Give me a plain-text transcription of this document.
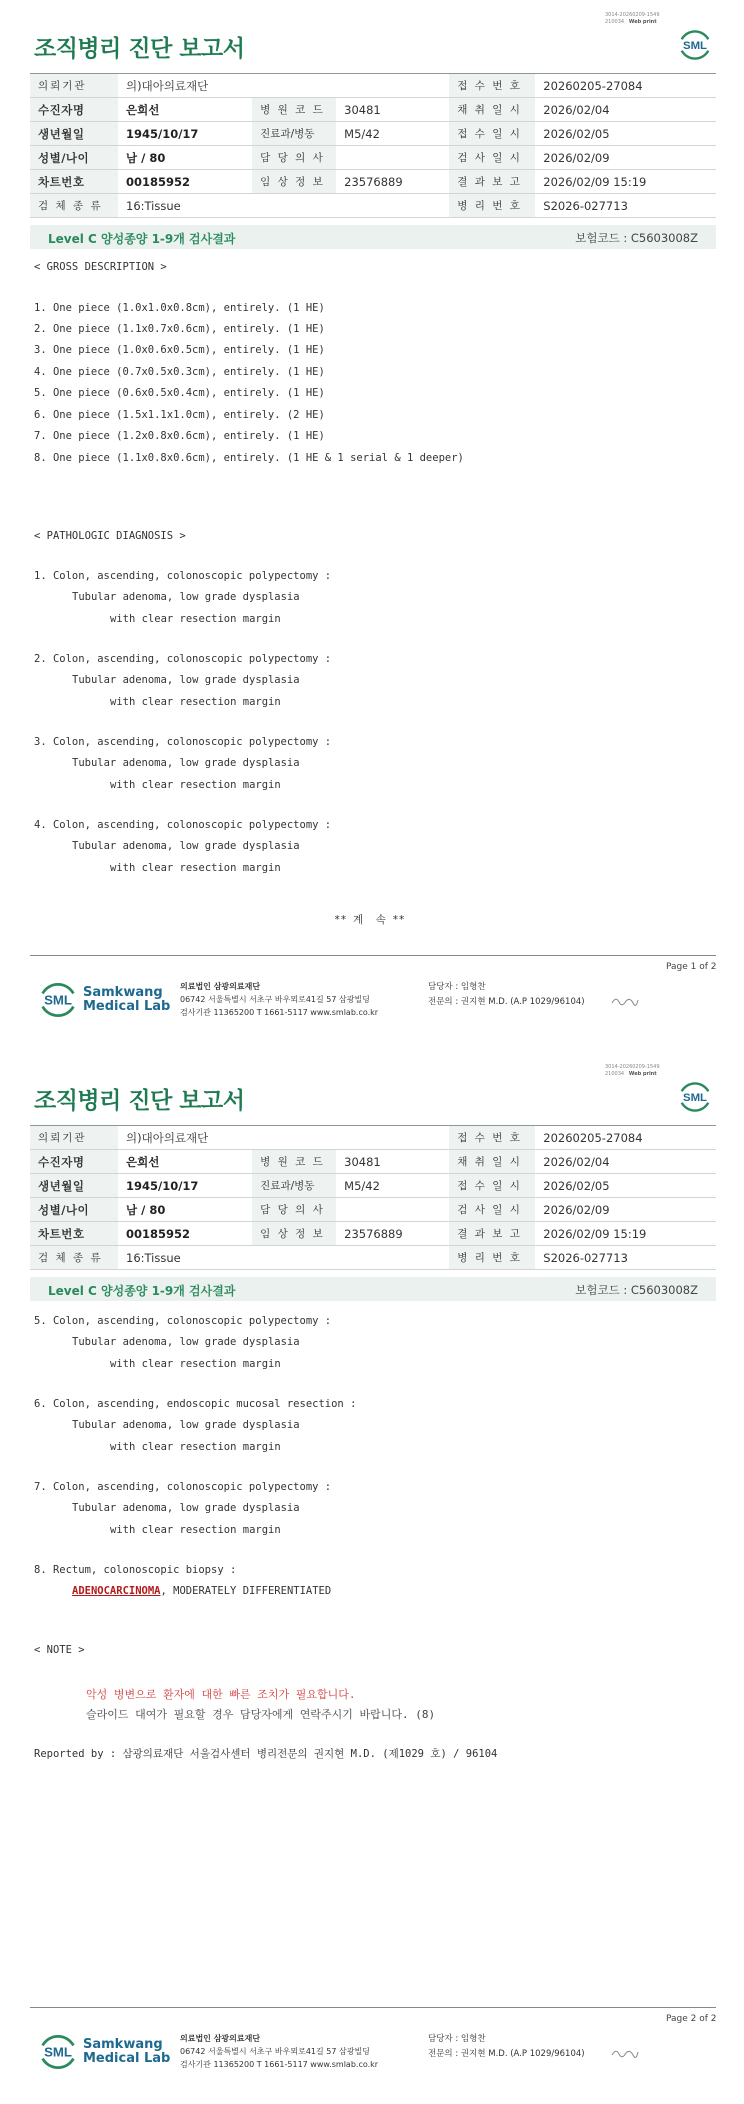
3014-20260209-1549
210034 Web print
조직병리 진단 보고서	SML
의뢰기관	의)대아의료재단			접 수 번 호	20260205-27084
수진자명	은희선	병 원 코 드	30481	채 취 일 시	2026/02/04
생년월일	1945/10/17	진료과/병동	M5/42	접 수 일 시	2026/02/05
성별/나이	남 / 80	담 당 의 사		검 사 일 시	2026/02/09
차트번호	00185952	임 상 정 보	23576889	결 과 보 고	2026/02/09 15:19
검 체 종 류	16:Tissue			병 리 번 호	S2026-027713
Level C 양성종양 1-9개 검사결과	보험코드 : C5603008Z
< GROSS DESCRIPTION >
1. One piece (1.0x1.0x0.8cm), entirely. (1 HE)
2. One piece (1.1x0.7x0.6cm), entirely. (1 HE)
3. One piece (1.0x0.6x0.5cm), entirely. (1 HE)
4. One piece (0.7x0.5x0.3cm), entirely. (1 HE)
5. One piece (0.6x0.5x0.4cm), entirely. (1 HE)
6. One piece (1.5x1.1x1.0cm), entirely. (2 HE)
7. One piece (1.2x0.8x0.6cm), entirely. (1 HE)
8. One piece (1.1x0.8x0.6cm), entirely. (1 HE & 1 serial & 1 deeper)
< PATHOLOGIC DIAGNOSIS >
1. Colon, ascending, colonoscopic polypectomy :
Tubular adenoma, low grade dysplasia
with clear resection margin
2. Colon, ascending, colonoscopic polypectomy :
Tubular adenoma, low grade dysplasia
with clear resection margin
3. Colon, ascending, colonoscopic polypectomy :
Tubular adenoma, low grade dysplasia
with clear resection margin
4. Colon, ascending, colonoscopic polypectomy :
Tubular adenoma, low grade dysplasia
with clear resection margin
** 계  속 **
Page 1 of 2
SML Samkwang
Medical Lab
의료법인 삼광의료재단
06742 서울특별시 서초구 바우뫼로41길 57 삼광빌딩
검사기관 11365200 T 1661-5117 www.smlab.co.kr
담당자 : 임형찬
전문의 : 권지현 M.D. (A.P 1029/96104)
3014-20260209-1549
210034 Web print
조직병리 진단 보고서	SML
의뢰기관	의)대아의료재단			접 수 번 호	20260205-27084
수진자명	은희선	병 원 코 드	30481	채 취 일 시	2026/02/04
생년월일	1945/10/17	진료과/병동	M5/42	접 수 일 시	2026/02/05
성별/나이	남 / 80	담 당 의 사		검 사 일 시	2026/02/09
차트번호	00185952	임 상 정 보	23576889	결 과 보 고	2026/02/09 15:19
검 체 종 류	16:Tissue			병 리 번 호	S2026-027713
Level C 양성종양 1-9개 검사결과	보험코드 : C5603008Z
5. Colon, ascending, colonoscopic polypectomy :
Tubular adenoma, low grade dysplasia
with clear resection margin
6. Colon, ascending, endoscopic mucosal resection :
Tubular adenoma, low grade dysplasia
with clear resection margin
7. Colon, ascending, colonoscopic polypectomy :
Tubular adenoma, low grade dysplasia
with clear resection margin
8. Rectum, colonoscopic biopsy :
ADENOCARCINOMA, MODERATELY DIFFERENTIATED
< NOTE >
악성 병변으로 환자에 대한 빠른 조치가 필요합니다.
슬라이드 대여가 필요할 경우 담당자에게 연락주시기 바랍니다. (8)
Reported by : 삼광의료재단 서울검사센터 병리전문의 권지현 M.D. (제1029 호) / 96104
Page 2 of 2
SML Samkwang
Medical Lab
의료법인 삼광의료재단
06742 서울특별시 서초구 바우뫼로41길 57 삼광빌딩
검사기관 11365200 T 1661-5117 www.smlab.co.kr
담당자 : 임형찬
전문의 : 권지현 M.D. (A.P 1029/96104)
